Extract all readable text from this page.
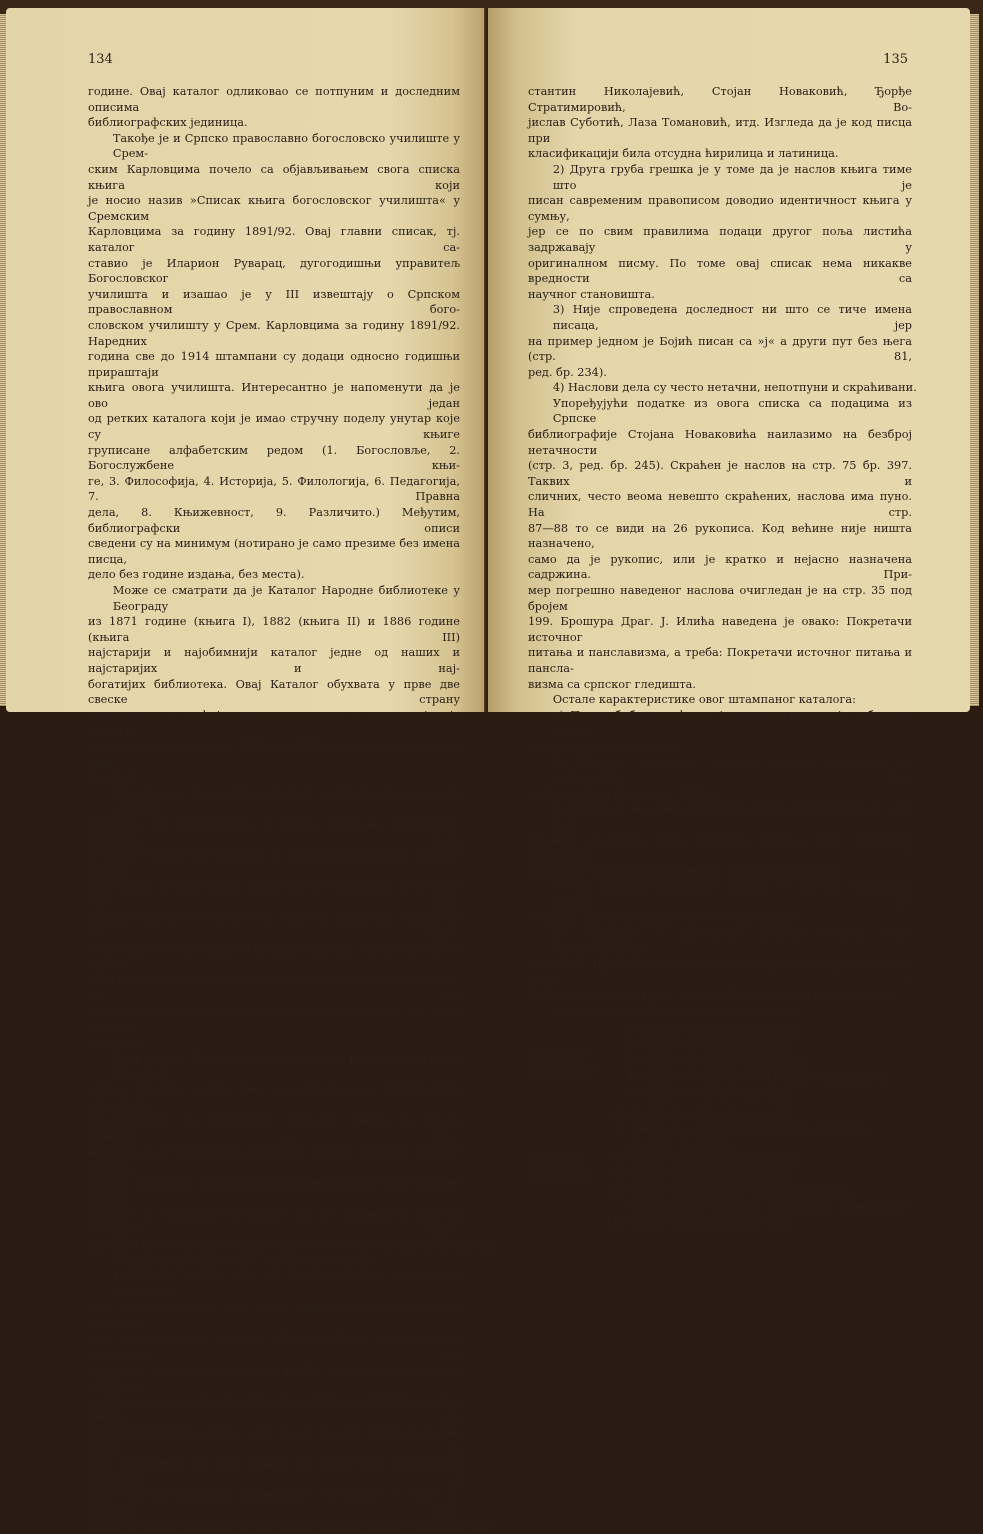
134
године. Овај каталог одликовао се потпуним и доследним описима
библиографских јединица.
Такође је и Српско православно богословско училиште у Срем-
ским Карловцима почело са објављивањем свога списка књига који
је носио назив »Списак књига богословског училишта« у Сремским
Карловцима за годину 1891/92. Овај главни списак, тј. каталог са-
ставио је Иларион Руварац, дугогодишњи управитељ Богословског
училишта и изашао је у III извештају о Српском православном бого-
словском училишту у Срем. Карловцима за годину 1891/92. Наредних
година све до 1914 штампани су додаци односно годишњи прираштаји
књига овога училишта. Интересантно је напоменути да је ово један
од ретких каталога који је имао стручну поделу унутар које су књиге
груписане алфабетским редом (1. Богословље, 2. Богослужбене књи-
ге, 3. Философија, 4. Историја, 5. Филологија, 6. Педагогија, 7. Правна
дела, 8. Књижевност, 9. Различито.) Међутим, библиографски описи
сведени су на минимум (нотирано је само презиме без имена писца,
дело без године издања, без места).
Може се сматрати да је Каталог Народне библиотеке у Београду
из 1871 године (књига I), 1882 (књига II) и 1886 године (књига III)
најстарији и најобимнији каталог једне од наших и најстаријих и нај-
богатијих библиотека. Овај Каталог обухвата у прве две свеске страну
књижевност, у трећој књижевност српску, а у четвртој, која садржи
и приновљене књиге од 1886 до 1892 године, поново страну књи-
жевност.
Наравно да су овакви каталози могли да пруже доста оскудно
искуство Ст. Миловановy. У време издавања Матичиног каталога, када
се јавност први пут упознаје са фондом Библиотеке Матице српске,
како аутор у предговору свога списка саопштава и послови око уну-
трашњег уређења Библиотеке били су завршени. Завршени су ката-
лози, односно спискови по именима писаца, затим списак по струка-
ма и списак како су књиге уведене и поређане у библиотеци. Од ова
три списка штампан је једино Списак по писцима, јер је он највише
и тражен.
Овај списак Матичиних књига рађен је на иницијативу Управног
одбора Матице српске без консултовања са Књижевним одељењем.
Прегледајући га, Књижевно одељење нашло је многе замерке и тра-
жило је да се погрешно штампани табаци у списку замене исправ-
љеним. Ради тога одредио је Књижевни одбор своје чланове Јована
Грчића и Тихомира Остојића да са уредником списка Стеваном Мило-
вановим све погрешке исправе и да о том поднесу извештај одбору.
Главни недостаци овога списка су следећи:
1) Српски писци чија су дела штампана латиницом уврштени
су у хрватске писце. Ову грубу грешку констатовала је и комисија
која је предлагала (Грчић): »Грешка би се могла једино исправити ако
се књиге на хрватском језику не би оделиле од књига на српском
језику, него када би све уште под једним заједнички наслов књиге на
српскохрватском језику«, или да се уз овај каталог овакав какав је
дода напомена да под »књиге на хрватском језикуваља разумети и
дела српска штампана латиницом« (Остојић). — Тако су доспели међу
хрватске писце на пример ови српски писци: Живко Гојковић, Кон-
135
стантин Николајевић, Стојан Новаковић, Ђорђе Стратимировић, Во-
јислав Суботић, Лаза Томановић, итд. Изгледа да је код писца при
класификацији била отсудна ћирилица и латиница.
2) Друга груба грешка је у томе да је наслов књига тиме што је
писан савременим правописом доводио идентичност књига у сумњу,
јер се по свим правилима подаци другог поља листића задржавају у
оригиналном писму. По томе овај списак нема никакве вредности са
научног становишта.
3) Није спроведена доследност ни што се тиче имена писаца, јер
на пример једном је Бојић писан са »ј« а други пут без њега (стр. 81,
ред. бр. 234).
4) Наслови дела су често нетачни, непотпуни и скраћивани.
Упоређујући податке из овога списка са подацима из Српске
библиографије Стојана Новаковића наилазимо на безброј нетачности
(стр. 3, ред. бр. 245). Скраћен је наслов на стр. 75 бр. 397. Таквих и
сличних, често веома невешто скраћених, наслова има пуно. На стр.
87—88 то се види на 26 рукописа. Код већине није ништа назначено,
само да је рукопис, или је кратко и нејасно назначена садржина. При-
мер погрешно наведеног наслова очигледан је на стр. 35 под бројем
199. Брошура Драг. Ј. Илића наведена је овако: Покретачи источног
питања и панславизма, а треба: Покретачи источног питања и пансла-
визма са српског гледишта.
Остале карактеристике овог штампаног каталога:
а) Попис библиографских јединица извршен је азбучним редом
по писцу или по наслову.
б) Подаци старијих српских књига наведени су савременим пра-
вописом, па и име самог писца.
в) Новине и часописи нотирани су под својим именом, а не под
именом уредника (код старијих издања има неколико отступања —
нотирана под именом уредника, односно издавача).
г) Код пописа календара држало се обично одређеног имена ка-
лендара, или је нотирано просто »Календар«.
д) Запажају се двоструки бројеви испред сваке библиографске
јединице. Први број појачан дебљом цртом је број смештаја реда у
библиотеци (сигнатура), а други број је текући број каталога.
Књиге у списку поређане су овим редом:
штампано
ћирилицом
1) Књиге на српском језику;
2) Књиге на руском језику;
3) Књиге на бугарском језику;
4) Књиге на румунском језику, ћирилицом;
5) Књиге на грчком језику;
штампано
латиницом
6) Књиге на хрватском језику;
7) Књиге на осталим словенским језицима
(чешки, пољски);
8) Књиге на мађарском језику;
9) Књиге на немачком језику;
10) Књиге на осталим страним језицима
(француски, енглески, холандски, талијански);
11) Књиге на латинском језику.
